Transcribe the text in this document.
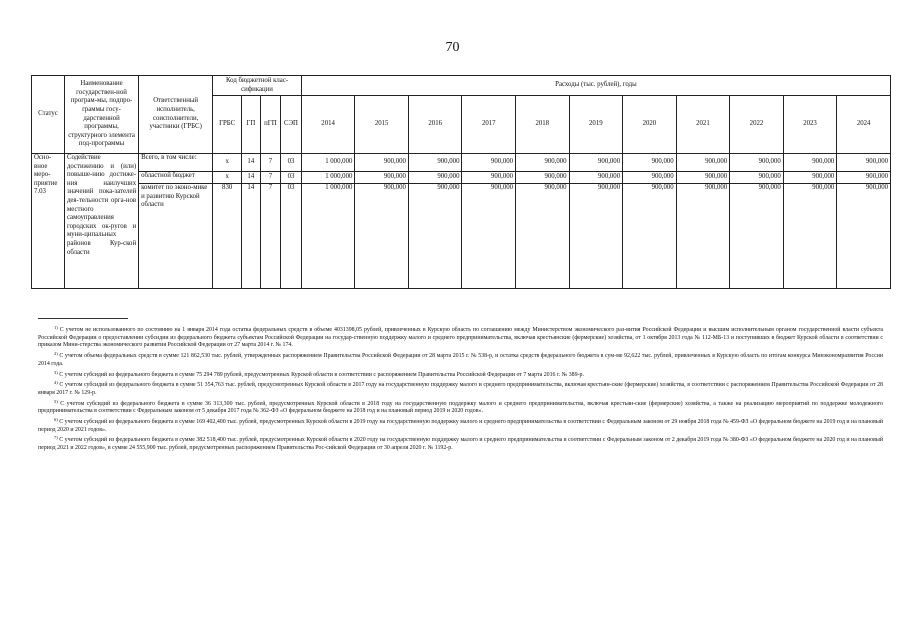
70
Статус	Наименование государствен-ной програм-мы, подпро-граммы госу-дарственной программы, структурного элемента под-программы	Ответственный исполнитель, соисполнители, участники (ГРБС)	Код бюджетной клас-сификации				Расходы (тыс. рублей), годы										
			ГРБС	ГП	пГП	СЭП	2014	2015	2016	2017	2018	2019	2020	2021	2022	2023	2024
Осно-вное меро-приятие 7.03	Содействие достижению и (или) повыше-нию достиже-ния наилучших значений пока-зателей дея-тельности орга-нов местного самоуправления городских ок-ругов и муни-ципальных районов Кур-ской области	Всего, в том числе:	x	14	7	03	1 000,000	900,000	900,000	900,000	900,000	900,000	900,000	900,000	900,000	900,000	900,000
		областной бюджет	x	14	7	03	1 000,000	900,000	900,000	900,000	900,000	900,000	900,000	900,000	900,000	900,000	900,000
		комитет по эконо-мике и развитию Курской области	830	14	7	03	1 000,000	900,000	900,000	900,000	900,000	900,000	900,000	900,000	900,000	900,000	900,000

$^{1)}$ С учетом не использованного по состоянию на 1 января 2014 года остатка федеральных средств в объеме 4031398,05 рублей, привлеченных в Курскую область по соглашению между Министерством экономического раз-вития Российской Федерации и высшим исполнительным органом государственной власти субъекта Российской Федерации о предоставлении субсидии из федерального бюджета субъектам Российской Федерации на государ-ственную поддержку малого и среднего предпринимательства, включая крестьянские (фермерские) хозяйства, от 1 октября 2013 года № 112-МБ-13 и поступивших в бюджет Курской области в соответствии с приказом Мини-стерства экономического развития Российской Федерации от 27 марта 2014 г. № 174.

$^{2)}$ С учетом объема федеральных средств в сумме 121 862,530 тыс. рублей, утвержденных распоряжением Правительства Российской Федерации от 28 марта 2015 г. № 538-р, и остатка средств федерального бюджета в сум-ме 92,622 тыс. рублей, привлеченных в Курскую область по итогам конкурса Минэкономразвития России 2014 года.

$^{3)}$ С учетом субсидий из федерального бюджета в сумме 75 294 789 рублей, предусмотренных Курской области в соответствии с распоряжением Правительства Российской Федерации от 7 марта 2016 г. № 389-р.

$^{4)}$ С учетом субсидий из федерального бюджета в сумме 51 354,763 тыс. рублей, предусмотренных Курской области в 2017 году на государственную поддержку малого и среднего предпринимательства, включая крестьян-ские (фермерские) хозяйства, в соответствии с распоряжением Правительства Российской Федерации от 28 января 2017 г. № 129-р.

$^{5)}$ С учетом субсидий из федерального бюджета в сумме 36 313,300 тыс. рублей, предусмотренных Курской области в 2018 году на государственную поддержку малого и среднего предпринимательства, включая крестьян-ские (фермерские) хозяйства, а также на реализацию мероприятий по поддержке молодежного предпринимательства в соответствии с Федеральным законом от 5 декабря 2017 года № 362-ФЗ «О федеральном бюджете на 2018 год и на плановый период 2019 и 2020 годов».

$^{6)}$ С учетом субсидий из федерального бюджета в сумме 169 402,400 тыс. рублей, предусмотренных Курской области в 2019 году на государственную поддержку малого и среднего предпринимательства в соответствии с Федеральным законом от 29 ноября 2018 года № 459-ФЗ «О федеральном бюджете на 2019 год и на плановый период 2020 и 2021 годов».

$^{7)}$ С учетом субсидий из федерального бюджета в сумме 382 518,400 тыс. рублей, предусмотренных Курской области в 2020 году на государственную поддержку малого и среднего предпринимательства в соответствии с Федеральным законом от 2 декабря 2019 года № 380-ФЗ «О федеральном бюджете на 2020 год и на плановый период 2021 и 2022 годов», в сумме 24 555,900 тыс. рублей, предусмотренных распоряжением Правительства Рос-сийской Федерации от 30 апреля 2020 г. № 1192-р.
